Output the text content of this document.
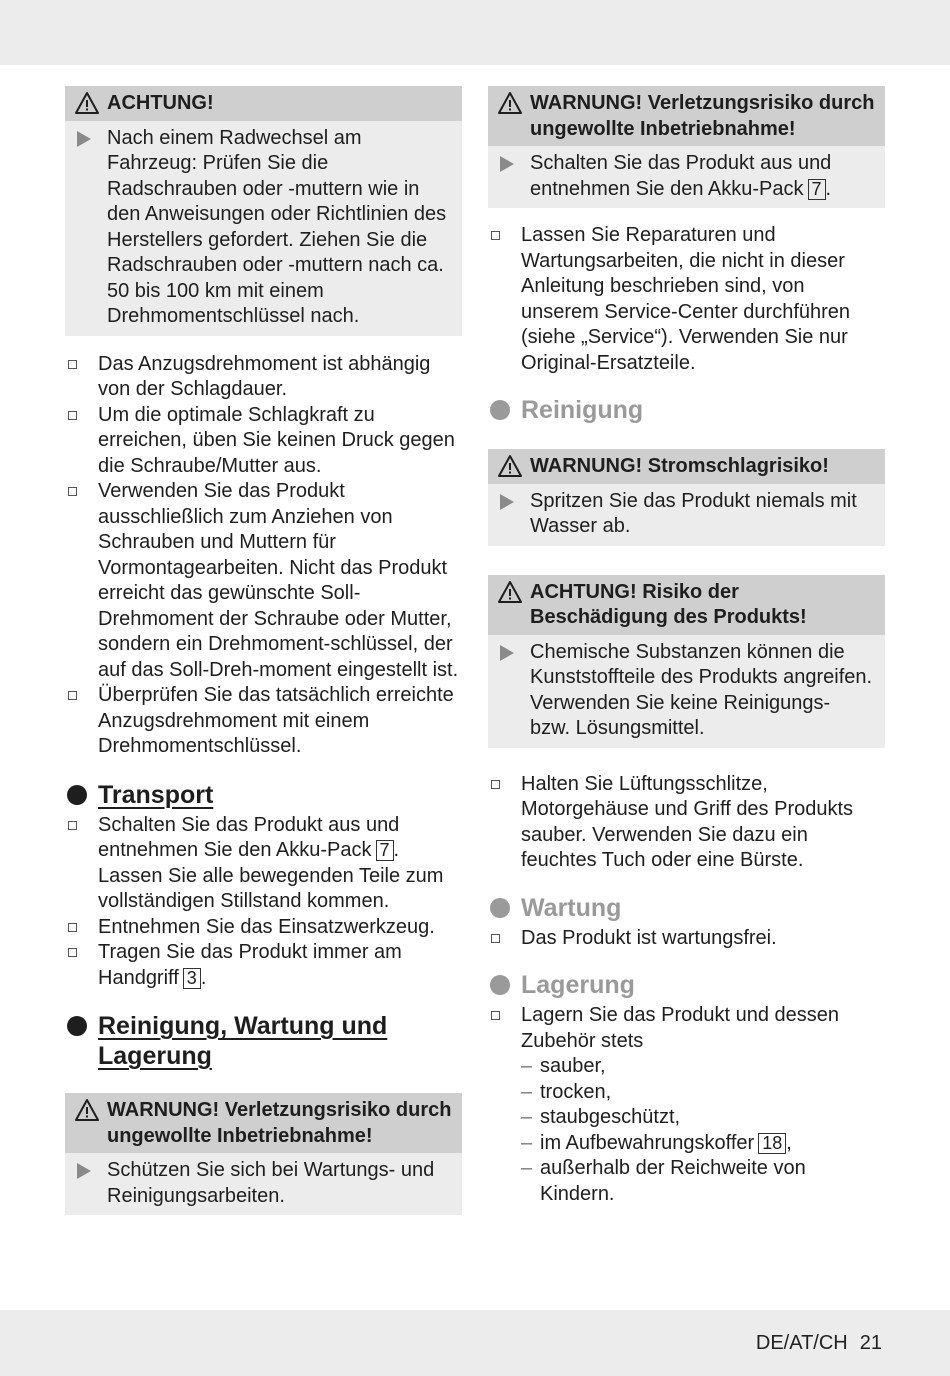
ACHTUNG!
Nach einem Radwechsel am Fahrzeug: Prüfen Sie die Radschrauben oder -muttern wie in den Anweisungen oder Richtlinien des Herstellers gefordert. Ziehen Sie die Radschrauben oder -muttern nach ca. 50 bis 100 km mit einem Drehmomentschlüssel nach.
Das Anzugsdrehmoment ist abhängig von der Schlagdauer.
Um die optimale Schlagkraft zu erreichen, üben Sie keinen Druck gegen die Schraube/Mutter aus.
Verwenden Sie das Produkt ausschließlich zum Anziehen von Schrauben und Muttern für Vormontagearbeiten. Nicht das Produkt erreicht das gewünschte Soll-Drehmoment der Schraube oder Mutter, sondern ein Drehmoment-schlüssel, der auf das Soll-Dreh-moment eingestellt ist.
Überprüfen Sie das tatsächlich erreichte Anzugsdrehmoment mit einem Drehmomentschlüssel.
Transport
Schalten Sie das Produkt aus und entnehmen Sie den Akku-Pack 7 . Lassen Sie alle bewegenden Teile zum vollständigen Stillstand kommen.
Entnehmen Sie das Einsatzwerkzeug.
Tragen Sie das Produkt immer am Handgriff 3 .
Reinigung, Wartung und Lagerung
WARNUNG! Verletzungsrisiko durch ungewollte Inbetriebnahme!
Schützen Sie sich bei Wartungs- und Reinigungsarbeiten.
WARNUNG! Verletzungsrisiko durch ungewollte Inbetriebnahme!
Schalten Sie das Produkt aus und entnehmen Sie den Akku-Pack 7 .
Lassen Sie Reparaturen und Wartungsarbeiten, die nicht in dieser Anleitung beschrieben sind, von unserem Service-Center durchführen (siehe „Service“). Verwenden Sie nur Original-Ersatzteile.
Reinigung
WARNUNG! Stromschlagrisiko!
Spritzen Sie das Produkt niemals mit Wasser ab.
ACHTUNG! Risiko der Beschädigung des Produkts!
Chemische Substanzen können die Kunststoffteile des Produkts angreifen. Verwenden Sie keine Reinigungs- bzw. Lösungsmittel.
Halten Sie Lüftungsschlitze, Motorgehäuse und Griff des Produkts sauber. Verwenden Sie dazu ein feuchtes Tuch oder eine Bürste.
Wartung
Das Produkt ist wartungsfrei.
Lagerung
Lagern Sie das Produkt und dessen Zubehör stets
– sauber,
– trocken,
– staubgeschützt,
– im Aufbewahrungskoffer 18 ,
– außerhalb der Reichweite von Kindern.
DE/AT/CH 21
